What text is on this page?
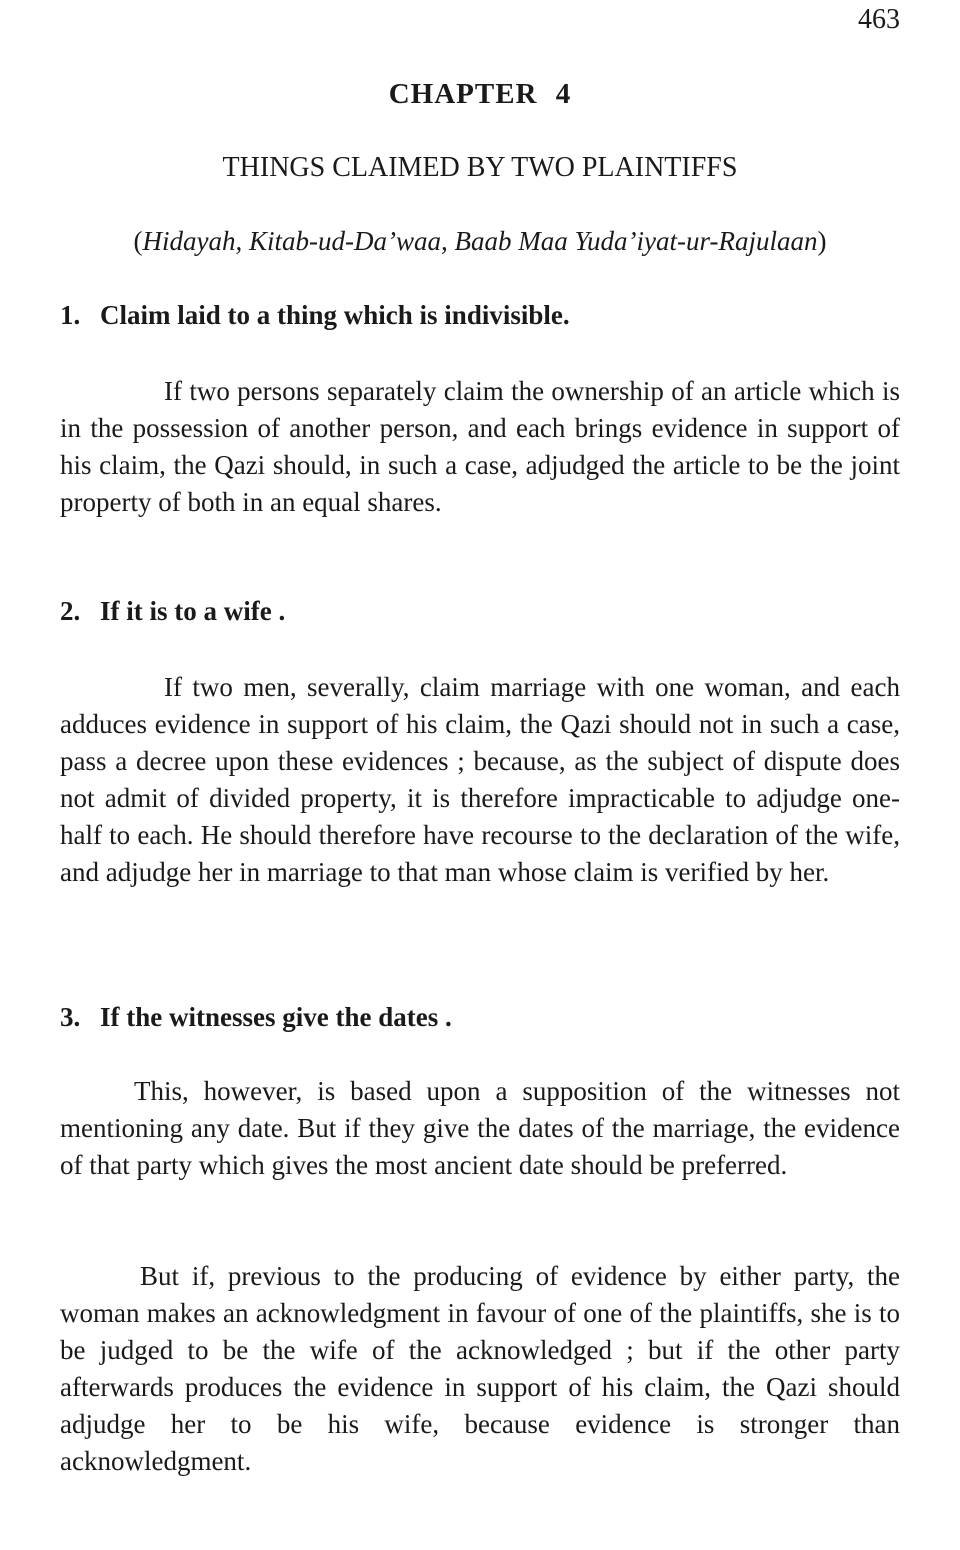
463

CHAPTER 4
THINGS CLAIMED BY TWO PLAINTIFFS

(Hidayah, Kitab-ud-Da’waa, Baab Maa Yuda’iyat-ur-Rajulaan)

1. Claim laid to a thing which is indivisible.

If two persons separately claim the ownership of an article which is in the possession of another person, and each brings evidence in support of his claim, the Qazi should, in such a case, adjudged the article to be the joint property of both in an equal shares.

2. If it is to a wife .

If two men, severally, claim marriage with one woman, and each adduces evidence in support of his claim, the Qazi should not in such a case, pass a decree upon these evidences ; because, as the subject of dispute does not admit of divided property, it is therefore impracticable to adjudge one-half to each. He should therefore have recourse to the declaration of the wife, and adjudge her in marriage to that man whose claim is verified by her.

3. If the witnesses give the dates .

This, however, is based upon a supposition of the witnesses not mentioning any date. But if they give the dates of the marriage, the evidence of that party which gives the most ancient date should be preferred.

But if, previous to the producing of evidence by either party, the woman makes an acknowledgment in favour of one of the plaintiffs, she is to be judged to be the wife of the acknowledged ; but if the other party afterwards produces the evidence in support of his claim, the Qazi should adjudge her to be his wife, because evidence is stronger than acknowledgment.
